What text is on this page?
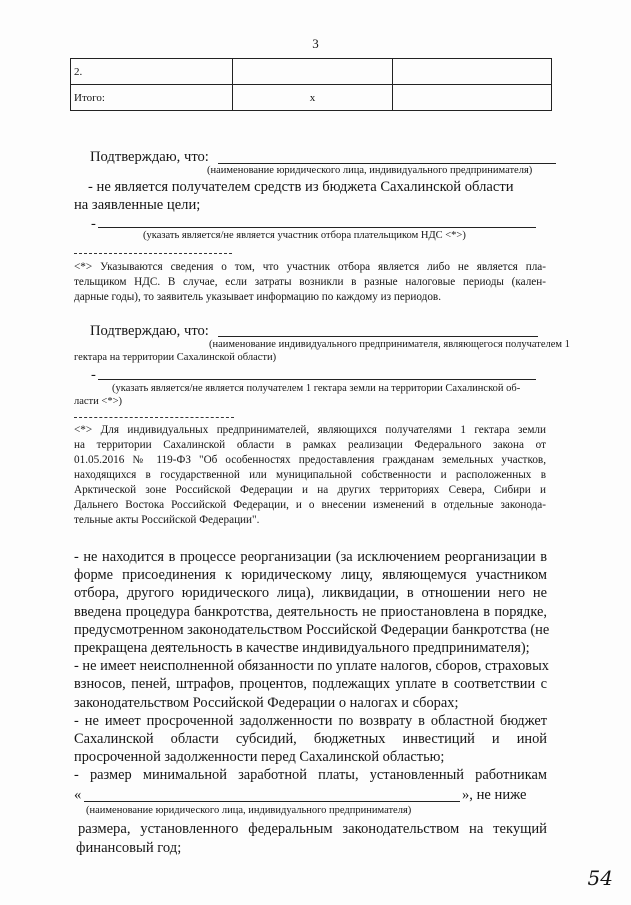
3
2.		
Итого:	x	
Подтверждаю, что:
(наименование юридического лица, индивидуального предпринимателя)
- не является получателем средств из бюджета Сахалинской области
на заявленные цели;
-
(указать является/не является участник отбора плательщиком НДС <*>)
<*> Указываются сведения о том, что участник отбора является либо не является пла-
тельщиком НДС. В случае, если затраты возникли в разные налоговые периоды (кален-
дарные годы), то заявитель указывает информацию по каждому из периодов.
Подтверждаю, что:
(наименование индивидуального предпринимателя, являющегося получателем 1
гектара на территории Сахалинской области)
-
(указать является/не является получателем 1 гектара земли на территории Сахалинской об-
ласти <*>)
<*> Для индивидуальных предпринимателей, являющихся получателями 1 гектара земли
на территории Сахалинской области в рамках реализации Федерального закона от
01.05.2016 № 119-ФЗ "Об особенностях предоставления гражданам земельных участков,
находящихся в государственной или муниципальной собственности и расположенных в
Арктической зоне Российской Федерации и на других территориях Севера, Сибири и
Дальнего Востока Российской Федерации, и о внесении изменений в отдельные законода-
тельные акты Российской Федерации".
- не находится в процессе реорганизации (за исключением реорганизации в
форме присоединения к юридическому лицу, являющемуся участником
отбора, другого юридического лица), ликвидации, в отношении него не
введена процедура банкротства, деятельность не приостановлена в порядке,
предусмотренном законодательством Российской Федерации банкротства (не
прекращена деятельность в качестве индивидуального предпринимателя);
- не имеет неисполненной обязанности по уплате налогов, сборов, страховых
взносов, пеней, штрафов, процентов, подлежащих уплате в соответствии с
законодательством Российской Федерации о налогах и сборах;
- не имеет просроченной задолженности по возврату в областной бюджет
Сахалинской области субсидий, бюджетных инвестиций и иной
просроченной задолженности перед Сахалинской областью;
- размер минимальной заработной платы, установленный работникам
«	», не ниже
(наименование юридического лица, индивидуального предпринимателя)
размера, установленного федеральным законодательством на текущий
финансовый год;
54
